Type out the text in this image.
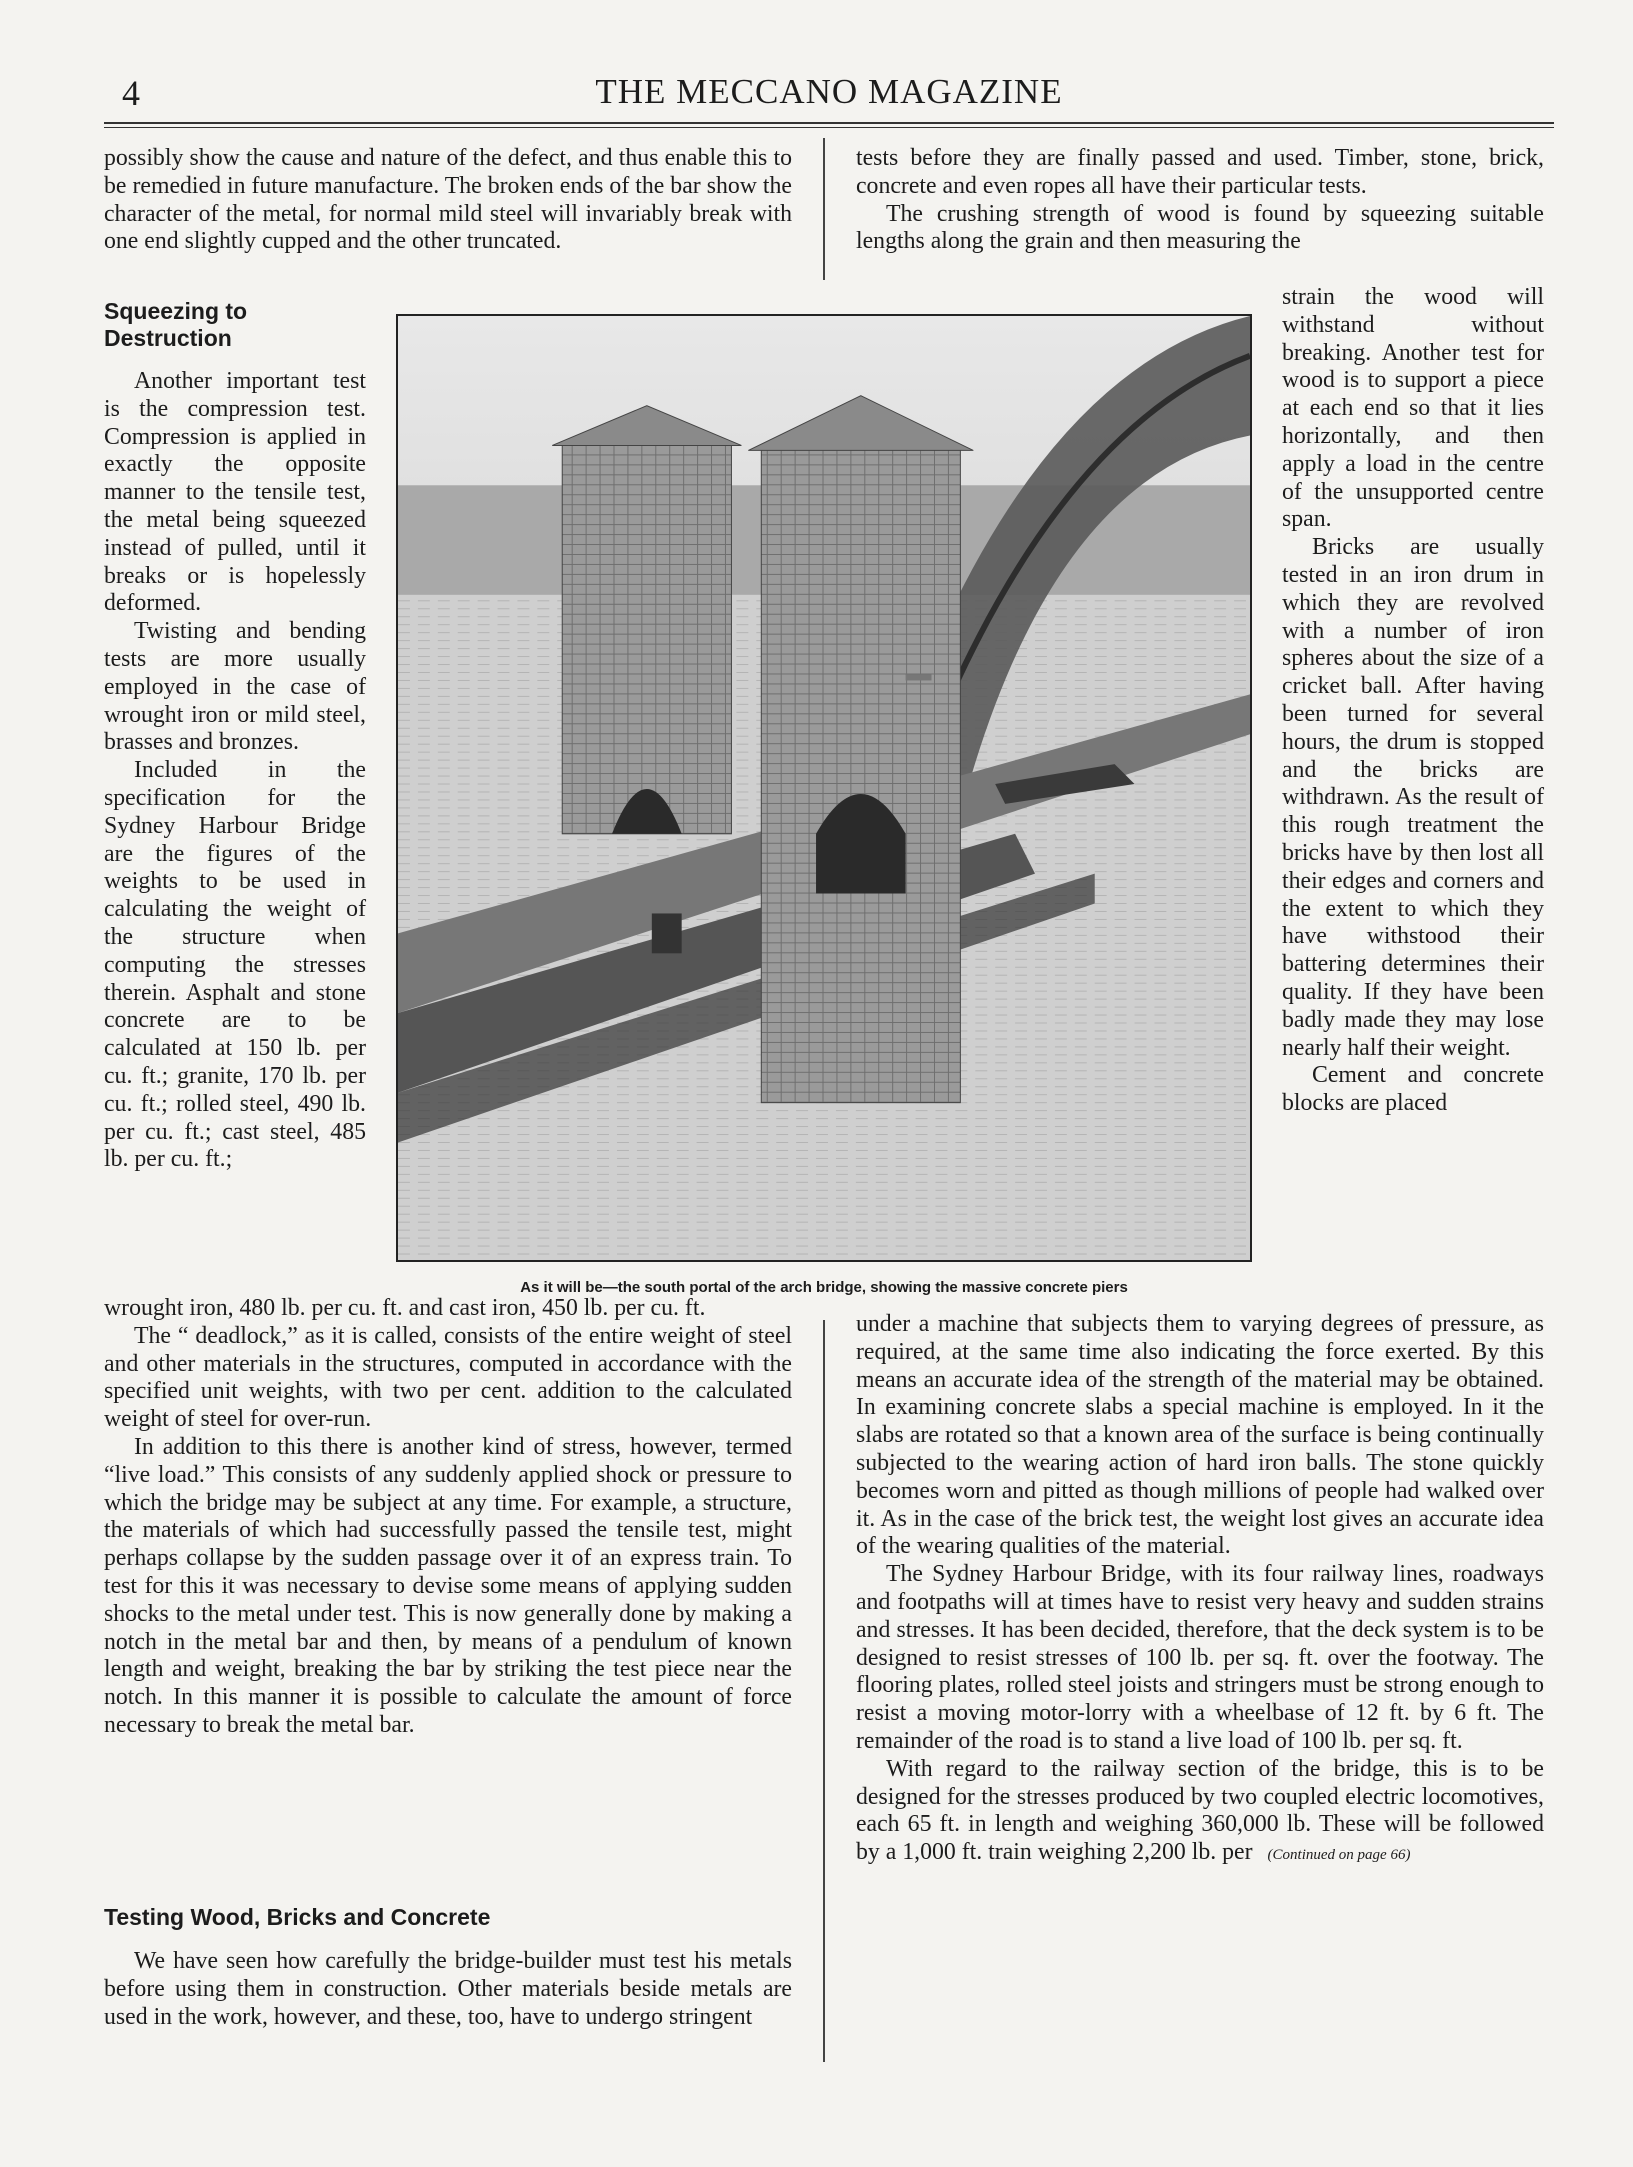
4	THE MECCANO MAGAZINE

possibly show the cause and nature of the defect, and thus enable this to be remedied in future manufacture. The broken ends of the bar show the character of the metal, for normal mild steel will invariably break with one end slightly cupped and the other truncated.

tests before they are finally passed and used. Timber, stone, brick, concrete and even ropes all have their particular tests.

The crushing strength of wood is found by squeezing suitable lengths along the grain and then measuring the

Squeezing to Destruction

Another important test is the compression test. Compression is applied in exactly the opposite manner to the tensile test, the metal being squeezed instead of pulled, until it breaks or is hopelessly deformed.

Twisting and bending tests are more usually employed in the case of wrought iron or mild steel, brasses and bronzes.

Included in the specification for the Sydney Harbour Bridge are the figures of the weights to be used in calculating the weight of the structure when computing the stresses therein. Asphalt and stone concrete are to be calculated at 150 lb. per cu. ft.; granite, 170 lb. per cu. ft.; rolled steel, 490 lb. per cu. ft.; cast steel, 485 lb. per cu. ft.;

strain the wood will withstand without breaking. Another test for wood is to support a piece at each end so that it lies horizontally, and then apply a load in the centre of the unsupported centre span.

Bricks are usually tested in an iron drum in which they are revolved with a number of iron spheres about the size of a cricket ball. After having been turned for several hours, the drum is stopped and the bricks are withdrawn. As the result of this rough treatment the bricks have by then lost all their edges and corners and the extent to which they have withstood their battering determines their quality. If they have been badly made they may lose nearly half their weight.

Cement and concrete blocks are placed

As it will be—the south portal of the arch bridge, showing the massive concrete piers

wrought iron, 480 lb. per cu. ft. and cast iron, 450 lb. per cu. ft.

The “ deadlock,” as it is called, consists of the entire weight of steel and other materials in the structures, computed in accordance with the specified unit weights, with two per cent. addition to the calculated weight of steel for over-run.

In addition to this there is another kind of stress, however, termed “live load.” This consists of any suddenly applied shock or pressure to which the bridge may be subject at any time. For example, a structure, the materials of which had successfully passed the tensile test, might perhaps collapse by the sudden passage over it of an express train. To test for this it was necessary to devise some means of applying sudden shocks to the metal under test. This is now generally done by making a notch in the metal bar and then, by means of a pendulum of known length and weight, breaking the bar by striking the test piece near the notch. In this manner it is possible to calculate the amount of force necessary to break the metal bar.

Testing Wood, Bricks and Concrete

We have seen how carefully the bridge-builder must test his metals before using them in construction. Other materials beside metals are used in the work, however, and these, too, have to undergo stringent

under a machine that subjects them to varying degrees of pressure, as required, at the same time also indicating the force exerted. By this means an accurate idea of the strength of the material may be obtained. In examining concrete slabs a special machine is employed. In it the slabs are rotated so that a known area of the surface is being continually subjected to the wearing action of hard iron balls. The stone quickly becomes worn and pitted as though millions of people had walked over it. As in the case of the brick test, the weight lost gives an accurate idea of the wearing qualities of the material.

The Sydney Harbour Bridge, with its four railway lines, roadways and footpaths will at times have to resist very heavy and sudden strains and stresses. It has been decided, therefore, that the deck system is to be designed to resist stresses of 100 lb. per sq. ft. over the footway. The flooring plates, rolled steel joists and stringers must be strong enough to resist a moving motor-lorry with a wheelbase of 12 ft. by 6 ft. The remainder of the road is to stand a live load of 100 lb. per sq. ft.

With regard to the railway section of the bridge, this is to be designed for the stresses produced by two coupled electric locomotives, each 65 ft. in length and weighing 360,000 lb. These will be followed by a 1,000 ft. train weighing 2,200 lb. per    (Continued on page 66)
